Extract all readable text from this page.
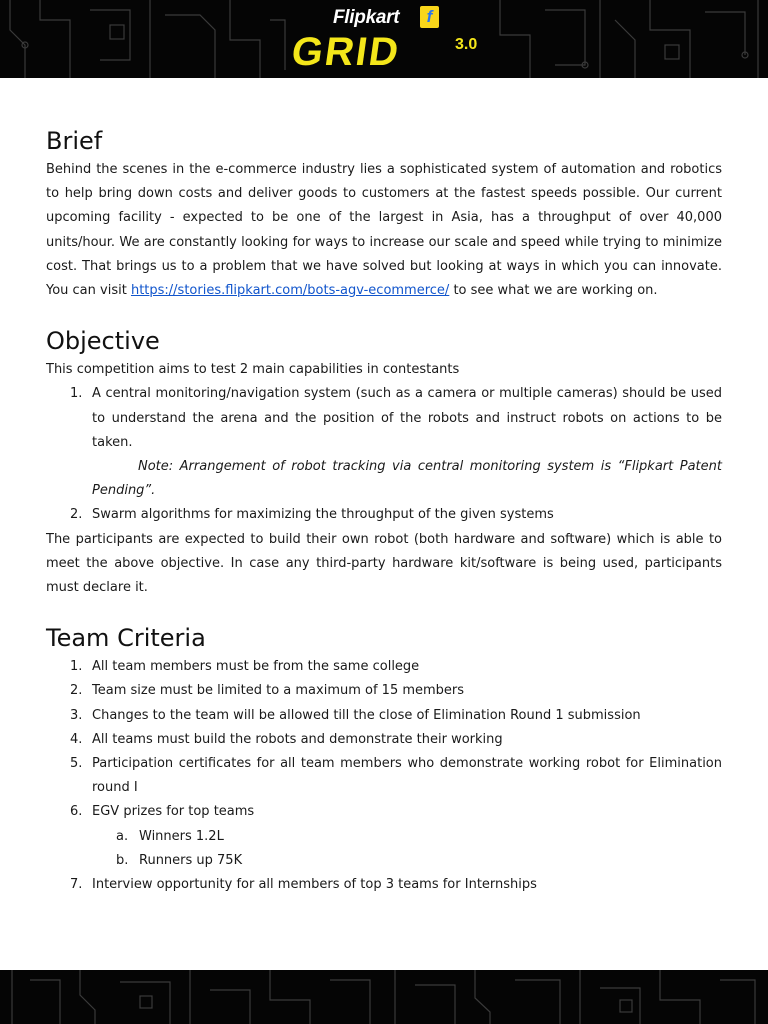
Flipkart	f
GRID	3.0
Brief

Behind the scenes in the e-commerce industry lies a sophisticated system of automation and robotics to help bring down costs and deliver goods to customers at the fastest speeds possible. Our current upcoming facility - expected to be one of the largest in Asia, has a throughput of over 40,000 units/hour. We are constantly looking for ways to increase our scale and speed while trying to minimize cost. That brings us to a problem that we have solved but looking at ways in which you can innovate. You can visit https://stories.flipkart.com/bots-agv-ecommerce/ to see what we are working on.

Objective

This competition aims to test 2 main capabilities in contestants

1. A central monitoring/navigation system (such as a camera or multiple cameras) should be used to understand the arena and the position of the robots and instruct robots on actions to be taken.
Note: Arrangement of robot tracking via central monitoring system is “Flipkart Patent Pending”.
2. Swarm algorithms for maximizing the throughput of the given systems

The participants are expected to build their own robot (both hardware and software) which is able to meet the above objective. In case any third-party hardware kit/software is being used, participants must declare it.

Team Criteria
1. All team members must be from the same college
2. Team size must be limited to a maximum of 15 members
3. Changes to the team will be allowed till the close of Elimination Round 1 submission
4. All teams must build the robots and demonstrate their working
5. Participation certificates for all team members who demonstrate working robot for Elimination round I
6. EGV prizes for top teams
a. Winners 1.2L
b. Runners up 75K
7. Interview opportunity for all members of top 3 teams for Internships
